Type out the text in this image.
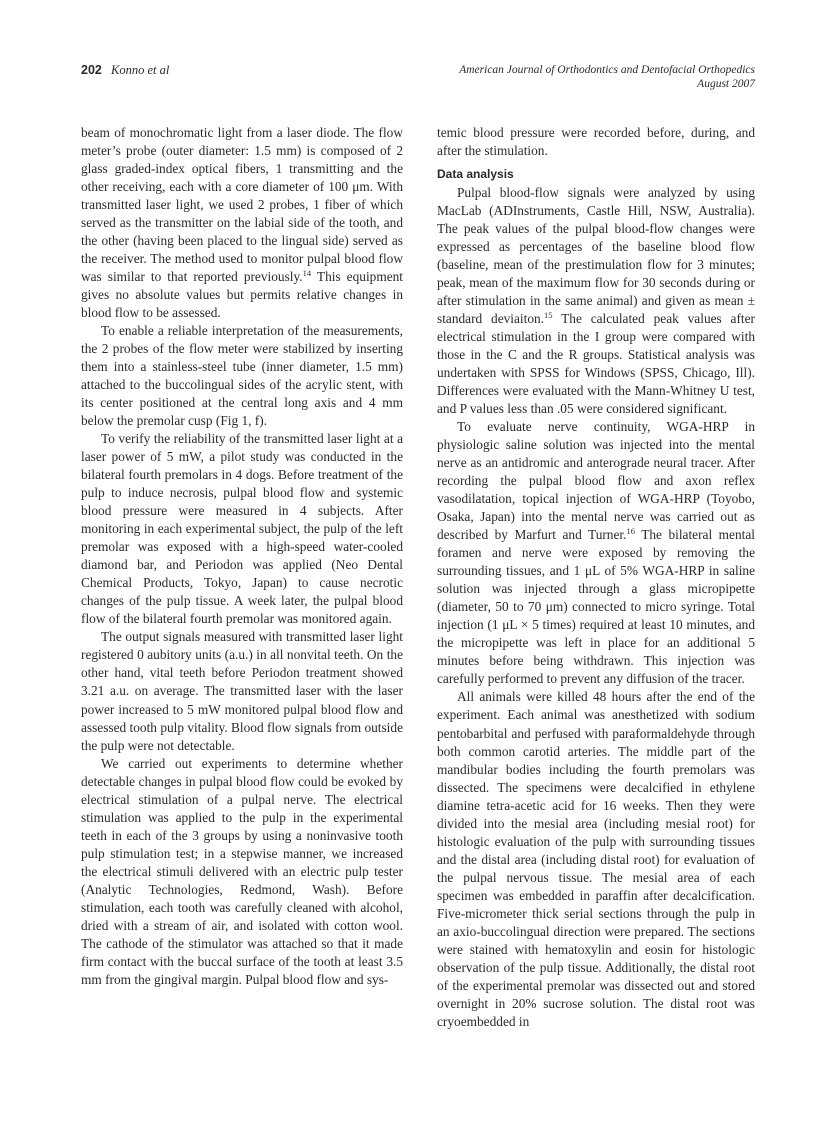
202 Konno et al	American Journal of Orthodontics and Dentofacial Orthopedics
August 2007

beam of monochromatic light from a laser diode. The flow meter’s probe (outer diameter: 1.5 mm) is composed of 2 glass graded-index optical fibers, 1 transmitting and the other receiving, each with a core diameter of 100 μm. With transmitted laser light, we used 2 probes, 1 fiber of which served as the transmitter on the labial side of the tooth, and the other (having been placed to the lingual side) served as the receiver. The method used to monitor pulpal blood flow was similar to that reported previously.$^{14}$ This equipment gives no absolute values but permits relative changes in blood flow to be assessed.

To enable a reliable interpretation of the measurements, the 2 probes of the flow meter were stabilized by inserting them into a stainless-steel tube (inner diameter, 1.5 mm) attached to the buccolingual sides of the acrylic stent, with its center positioned at the central long axis and 4 mm below the premolar cusp (Fig 1, f).

To verify the reliability of the transmitted laser light at a laser power of 5 mW, a pilot study was conducted in the bilateral fourth premolars in 4 dogs. Before treatment of the pulp to induce necrosis, pulpal blood flow and systemic blood pressure were measured in 4 subjects. After monitoring in each experimental subject, the pulp of the left premolar was exposed with a high-speed water-cooled diamond bar, and Periodon was applied (Neo Dental Chemical Products, Tokyo, Japan) to cause necrotic changes of the pulp tissue. A week later, the pulpal blood flow of the bilateral fourth premolar was monitored again.

The output signals measured with transmitted laser light registered 0 aubitory units (a.u.) in all nonvital teeth. On the other hand, vital teeth before Periodon treatment showed 3.21 a.u. on average. The transmitted laser with the laser power increased to 5 mW monitored pulpal blood flow and assessed tooth pulp vitality. Blood flow signals from outside the pulp were not detectable.

We carried out experiments to determine whether detectable changes in pulpal blood flow could be evoked by electrical stimulation of a pulpal nerve. The electrical stimulation was applied to the pulp in the experimental teeth in each of the 3 groups by using a noninvasive tooth pulp stimulation test; in a stepwise manner, we increased the electrical stimuli delivered with an electric pulp tester (Analytic Technologies, Redmond, Wash). Before stimulation, each tooth was carefully cleaned with alcohol, dried with a stream of air, and isolated with cotton wool. The cathode of the stimulator was attached so that it made firm contact with the buccal surface of the tooth at least 3.5 mm from the gingival margin. Pulpal blood flow and sys-

temic blood pressure were recorded before, during, and after the stimulation.

Data analysis

Pulpal blood-flow signals were analyzed by using MacLab (ADInstruments, Castle Hill, NSW, Australia). The peak values of the pulpal blood-flow changes were expressed as percentages of the baseline blood flow (baseline, mean of the prestimulation flow for 3 minutes; peak, mean of the maximum flow for 30 seconds during or after stimulation in the same animal) and given as mean ± standard deviaiton.$^{15}$ The calculated peak values after electrical stimulation in the I group were compared with those in the C and the R groups. Statistical analysis was undertaken with SPSS for Windows (SPSS, Chicago, Ill). Differences were evaluated with the Mann-Whitney U test, and P values less than .05 were considered significant.

To evaluate nerve continuity, WGA-HRP in physiologic saline solution was injected into the mental nerve as an antidromic and anterograde neural tracer. After recording the pulpal blood flow and axon reflex vasodilatation, topical injection of WGA-HRP (Toyobo, Osaka, Japan) into the mental nerve was carried out as described by Marfurt and Turner.$^{16}$ The bilateral mental foramen and nerve were exposed by removing the surrounding tissues, and 1 μL of 5% WGA-HRP in saline solution was injected through a glass micropipette (diameter, 50 to 70 μm) connected to micro syringe. Total injection (1 μL × 5 times) required at least 10 minutes, and the micropipette was left in place for an additional 5 minutes before being withdrawn. This injection was carefully performed to prevent any diffusion of the tracer.

All animals were killed 48 hours after the end of the experiment. Each animal was anesthetized with sodium pentobarbital and perfused with paraformaldehyde through both common carotid arteries. The middle part of the mandibular bodies including the fourth premolars was dissected. The specimens were decalcified in ethylene diamine tetra-acetic acid for 16 weeks. Then they were divided into the mesial area (including mesial root) for histologic evaluation of the pulp with surrounding tissues and the distal area (including distal root) for evaluation of the pulpal nervous tissue. The mesial area of each specimen was embedded in paraffin after decalcification. Five-micrometer thick serial sections through the pulp in an axio-buccolingual direction were prepared. The sections were stained with hematoxylin and eosin for histologic observation of the pulp tissue. Additionally, the distal root of the experimental premolar was dissected out and stored overnight in 20% sucrose solution. The distal root was cryoembedded in
